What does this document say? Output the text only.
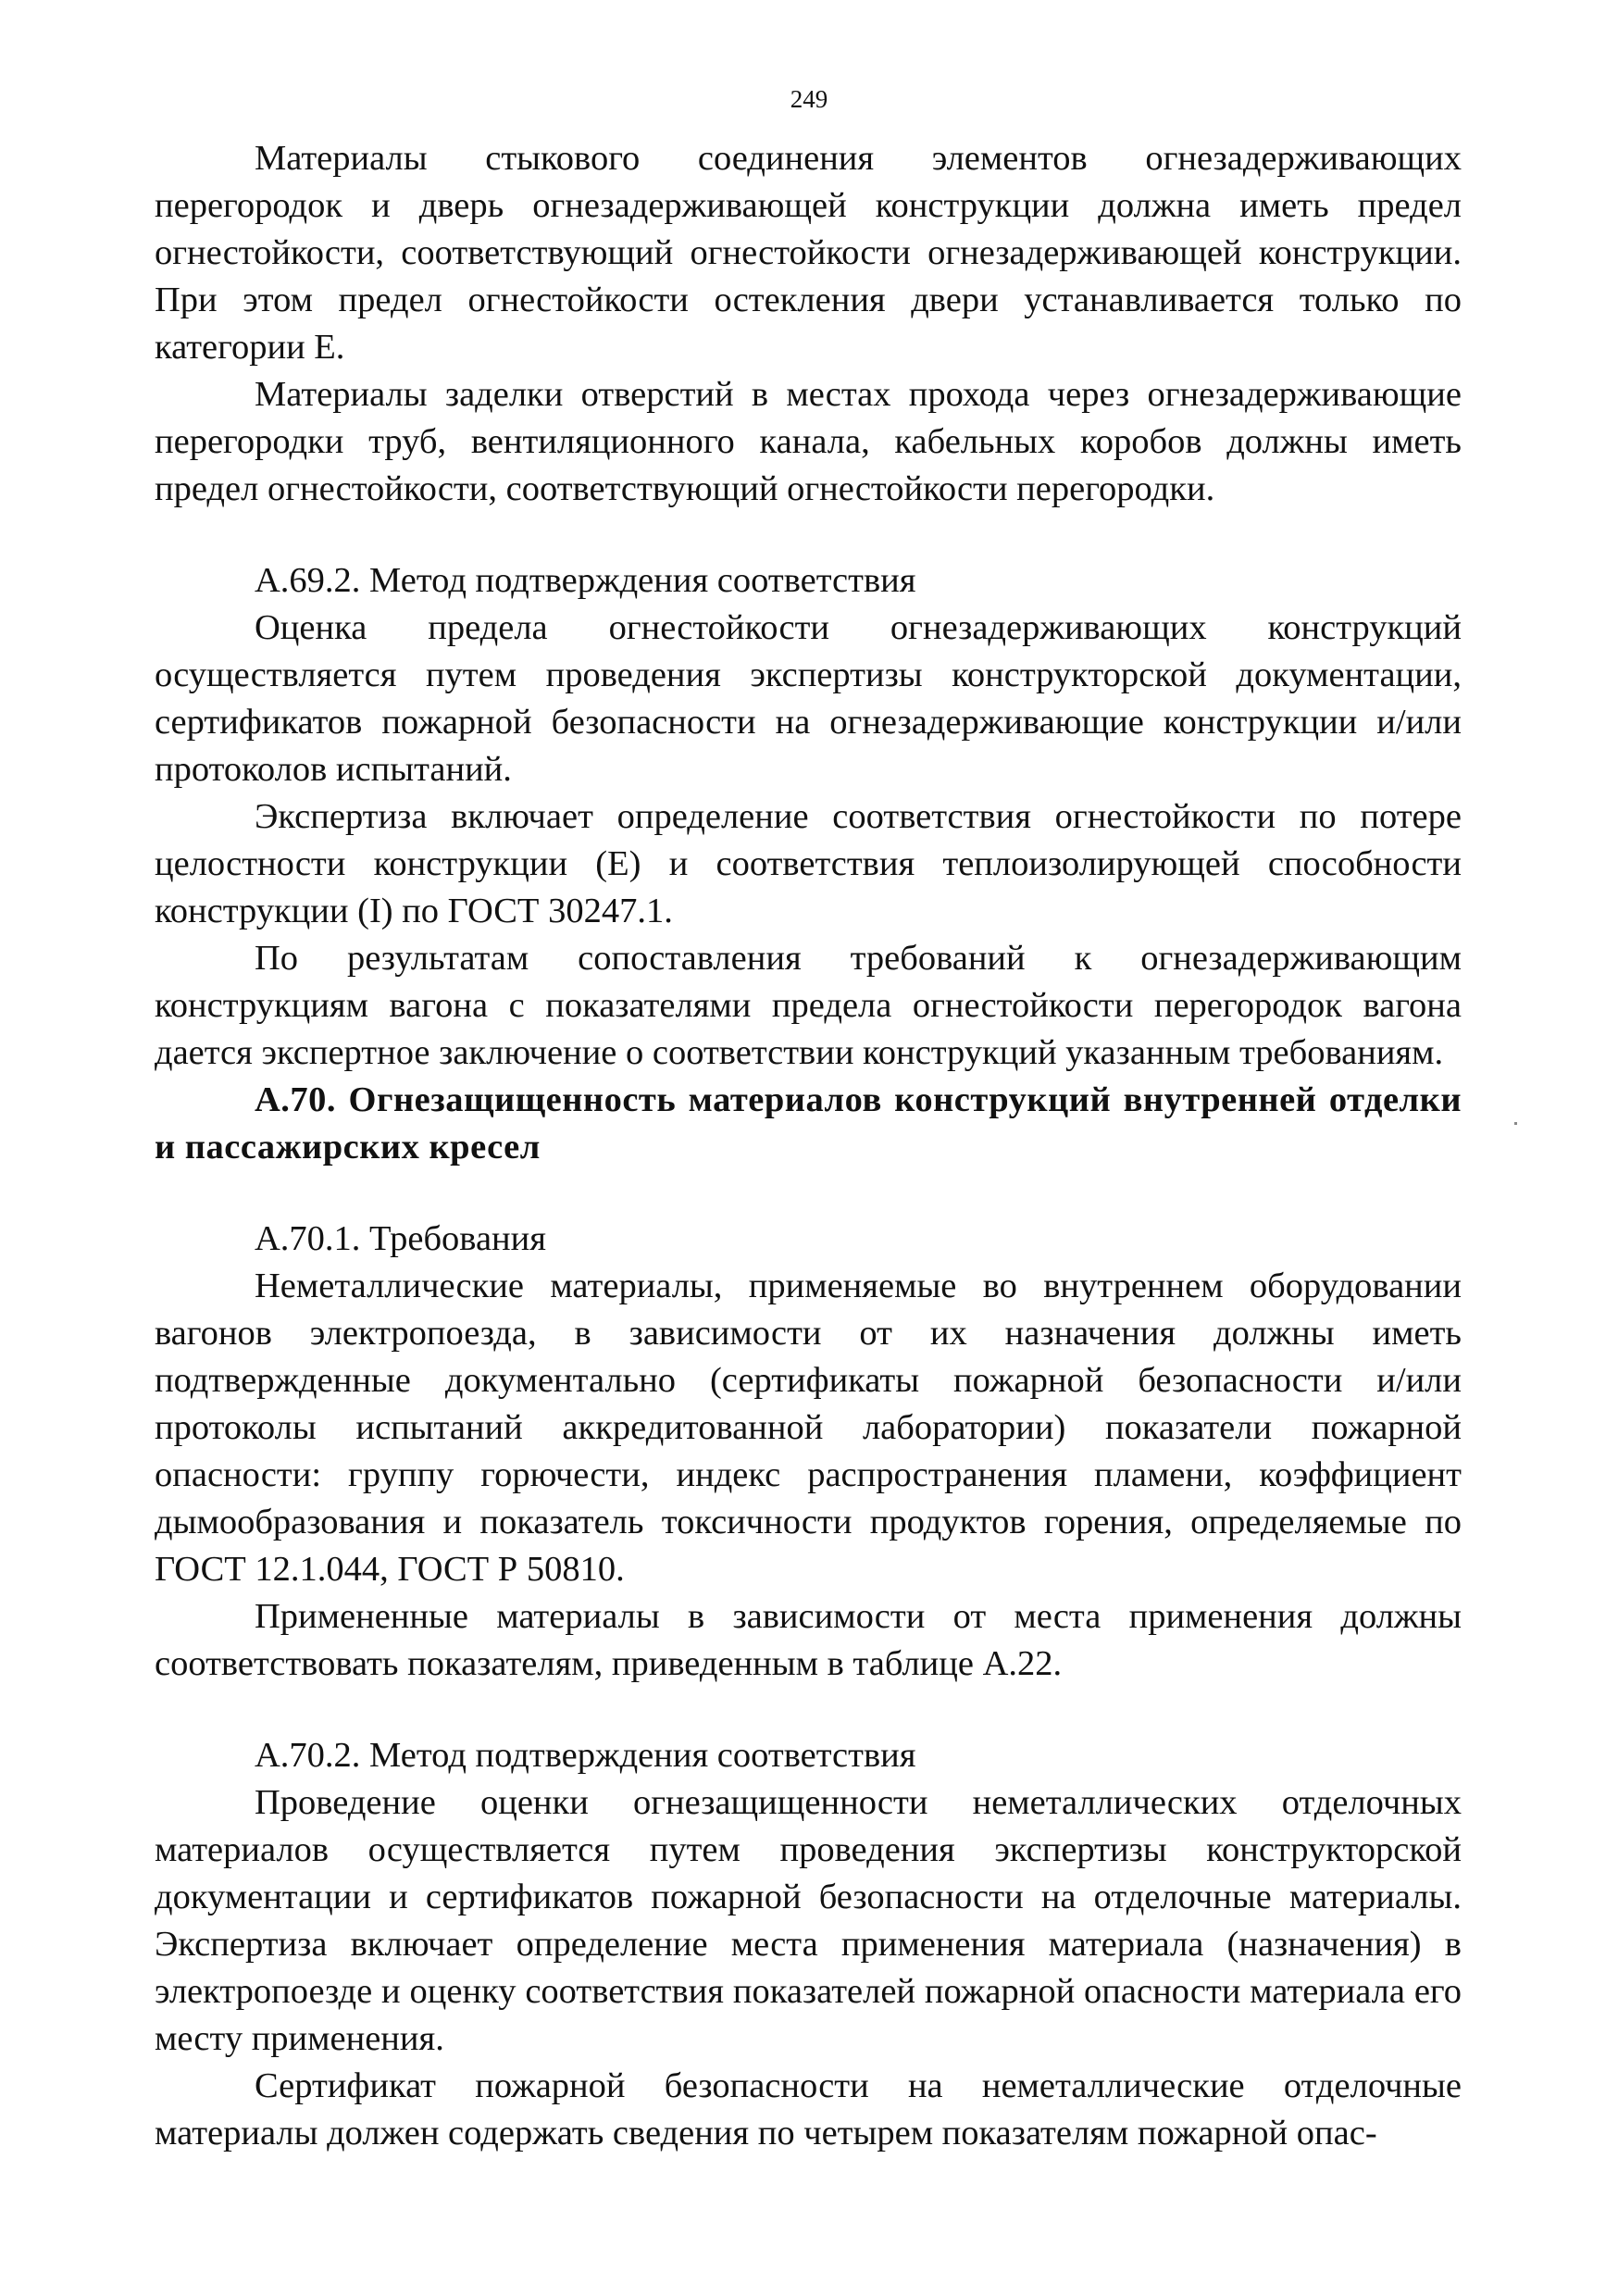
249

Материалы стыкового соединения элементов огнезадерживающих перегородок и дверь огнезадерживающей конструкции должна иметь предел огнестойкости, соответствующий огнестойкости огнезадерживающей конструкции. При этом предел огнестойкости остекления двери устанавливается только по категории Е.

Материалы заделки отверстий в местах прохода через огнезадерживающие перегородки труб, вентиляционного канала, кабельных коробов должны иметь предел огнестойкости, соответствующий огнестойкости перегородки.

А.69.2. Метод подтверждения соответствия

Оценка предела огнестойкости огнезадерживающих конструкций осуществляется путем проведения экспертизы конструкторской документации, сертификатов пожарной безопасности на огнезадерживающие конструкции и/или протоколов испытаний.

Экспертиза включает определение соответствия огнестойкости по потере целостности конструкции (Е) и соответствия теплоизолирующей способности конструкции (I) по ГОСТ 30247.1.

По результатам сопоставления требований к огнезадерживающим конструкциям вагона с показателями предела огнестойкости перегородок вагона дается экспертное заключение о соответствии конструкций указанным требованиям.

А.70. Огнезащищенность материалов конструкций внутренней отделки и пассажирских кресел

А.70.1. Требования

Неметаллические материалы, применяемые во внутреннем оборудовании вагонов электропоезда, в зависимости от их назначения должны иметь подтвержденные документально (сертификаты пожарной безопасности и/или протоколы испытаний аккредитованной лаборатории) показатели пожарной опасности: группу горючести, индекс распространения пламени, коэффициент дымообразования и показатель токсичности продуктов горения, определяемые по ГОСТ 12.1.044, ГОСТ Р 50810.

Примененные материалы в зависимости от места применения должны соответствовать показателям, приведенным в таблице А.22.

А.70.2. Метод подтверждения соответствия

Проведение оценки огнезащищенности неметаллических отделочных материалов осуществляется путем проведения экспертизы конструкторской документации и сертификатов пожарной безопасности на отделочные материалы. Экспертиза включает определение места применения материала (назначения) в электропоезде и оценку соответствия показателей пожарной опасности материала его месту применения.

Сертификат пожарной безопасности на неметаллические отделочные материалы должен содержать сведения по четырем показателям пожарной опас-
